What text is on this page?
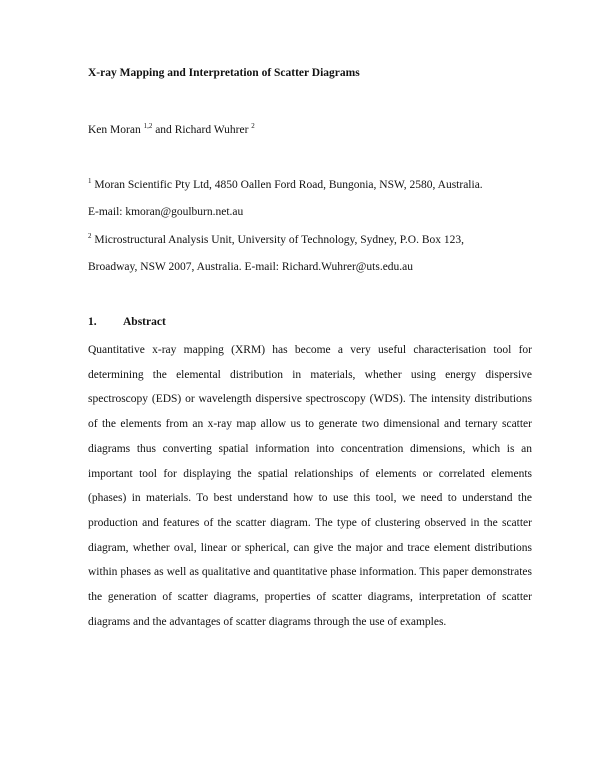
X-ray Mapping and Interpretation of Scatter Diagrams
Ken Moran $^{1,2}$ and Richard Wuhrer $^2$
$^1$ Moran Scientific Pty Ltd, 4850 Oallen Ford Road, Bungonia, NSW, 2580, Australia.
E-mail: kmoran@goulburn.net.au
$^2$ Microstructural Analysis Unit, University of Technology, Sydney, P.O. Box 123,
Broadway, NSW 2007, Australia. E-mail: Richard.Wuhrer@uts.edu.au
1. Abstract
Quantitative x-ray mapping (XRM) has become a very useful characterisation tool for determining the elemental distribution in materials, whether using energy dispersive spectroscopy (EDS) or wavelength dispersive spectroscopy (WDS). The intensity distributions of the elements from an x-ray map allow us to generate two dimensional and ternary scatter diagrams thus converting spatial information into concentration dimensions, which is an important tool for displaying the spatial relationships of elements or correlated elements (phases) in materials. To best understand how to use this tool, we need to understand the production and features of the scatter diagram. The type of clustering observed in the scatter diagram, whether oval, linear or spherical, can give the major and trace element distributions within phases as well as qualitative and quantitative phase information. This paper demonstrates the generation of scatter diagrams, properties of scatter diagrams, interpretation of scatter diagrams and the advantages of scatter diagrams through the use of examples.
